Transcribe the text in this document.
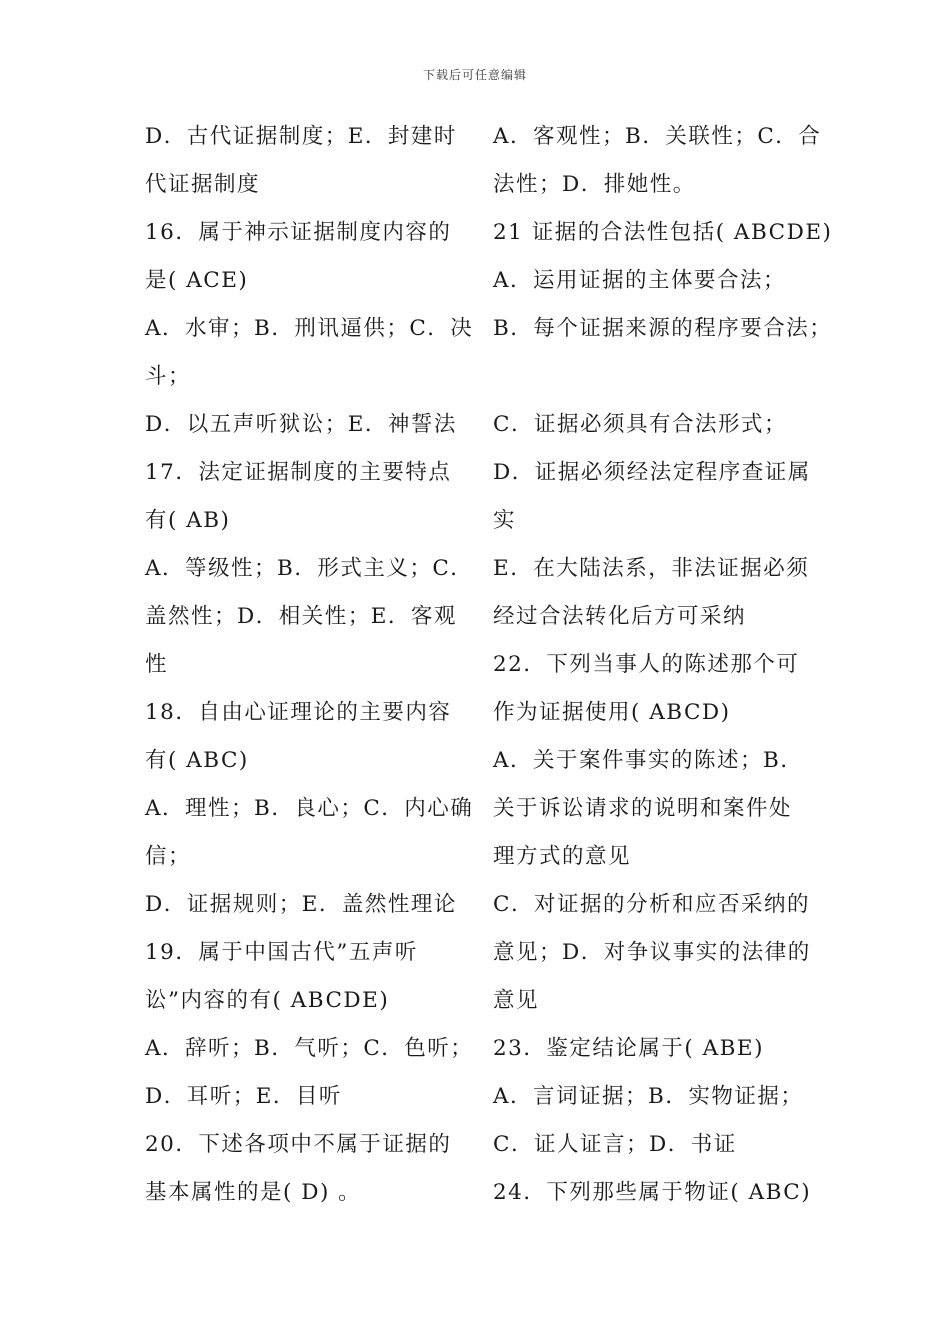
下载后可任意编辑
D．古代证据制度；E．封建时
代证据制度
16．属于神示证据制度内容的
是( ACE)
A．水审；B．刑讯逼供；C．决
斗；
D．以五声听狱讼；E．神誓法
17．法定证据制度的主要特点
有( AB)
A．等级性；B．形式主义；C．
盖然性；D．相关性；E．客观
性
18．自由心证理论的主要内容
有( ABC)
A．理性；B．良心；C．内心确
信；
D．证据规则；E．盖然性理论
19．属于中国古代”五声听
讼”内容的有( ABCDE)
A．辞听；B．气听；C．色听；
D．耳听；E．目听
20．下述各项中不属于证据的
基本属性的是( D) 。
A．客观性；B．关联性；C．合
法性；D．排她性。
21 证据的合法性包括( ABCDE)
A．运用证据的主体要合法；
B．每个证据来源的程序要合法；
C．证据必须具有合法形式；
D．证据必须经法定程序查证属
实
E．在大陆法系，非法证据必须
经过合法转化后方可采纳
22．下列当事人的陈述那个可
作为证据使用( ABCD)
A．关于案件事实的陈述；B．
关于诉讼请求的说明和案件处
理方式的意见
C．对证据的分析和应否采纳的
意见；D．对争议事实的法律的
意见
23．鉴定结论属于( ABE)
A．言词证据；B．实物证据；
C．证人证言；D．书证
24．下列那些属于物证( ABC)
